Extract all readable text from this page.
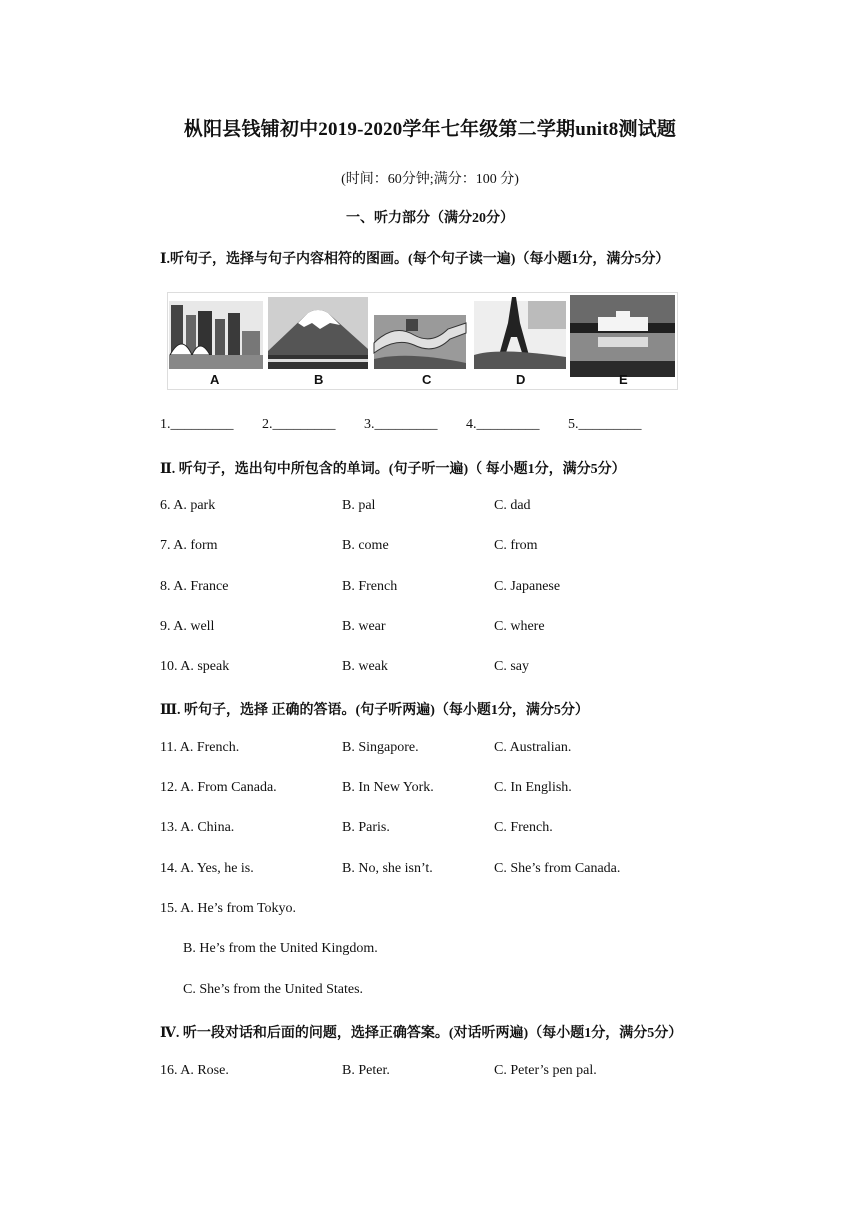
枞阳县钱铺初中2019-2020学年七年级第二学期unit8测试题
(时间：60分钟;满分：100 分)
一、听力部分（满分20分）
Ⅰ.听句子，选择与句子内容相符的图画。(每个句子读一遍)（每小题1分，满分5分）
A	B	C	D	E
1._________ 2._________ 3._________ 4._________ 5._________
Ⅱ. 听句子，选出句中所包含的单词。(句子听一遍)（ 每小题1分，满分5分）
6. A. park	B. pal	C. dad
7. A. form	B. come	C. from
8. A. France	B. French	C. Japanese
9. A. well	B. wear	C. where
10. A. speak	B. weak	C. say
Ⅲ. 听句子，选择 正确的答语。(句子听两遍)（每小题1分，满分5分）
11. A. French.	B. Singapore.	C. Australian.
12. A. From Canada.	B. In New York.	C. In English.
13. A. China.	B. Paris.	C. French.
14. A. Yes, he is.	B. No, she isn’t.	C. She’s from Canada.
15. A. He’s from Tokyo.
B. He’s from the United Kingdom.
C. She’s from the United States.
Ⅳ. 听一段对话和后面的问题，选择正确答案。(对话听两遍)（每小题1分，满分5分）
16. A. Rose.	B. Peter.	C. Peter’s pen pal.
